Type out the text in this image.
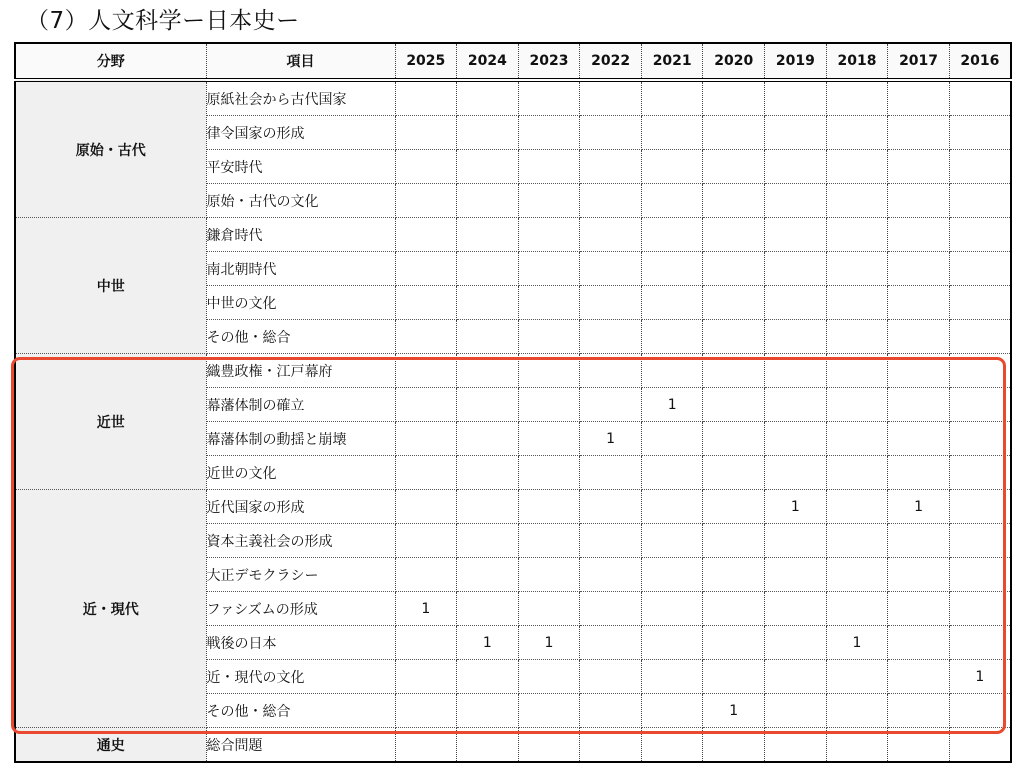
（7）人文科学ー日本史ー
分野	項目	2025	2024	2023	2022	2021	2020	2019	2018	2017	2016
原始・古代	原紙社会から古代国家										
	律令国家の形成										
	平安時代										
	原始・古代の文化										
中世	鎌倉時代										
	南北朝時代										
	中世の文化										
	その他・総合										
近世	織豊政権・江戸幕府										
	幕藩体制の確立					1					
	幕藩体制の動揺と崩壊				1						
	近世の文化										
近・現代	近代国家の形成							1		1	
	資本主義社会の形成										
	大正デモクラシー										
	ファシズムの形成	1									
	戦後の日本		1	1					1		
	近・現代の文化										1
	その他・総合						1				
通史	総合問題										
